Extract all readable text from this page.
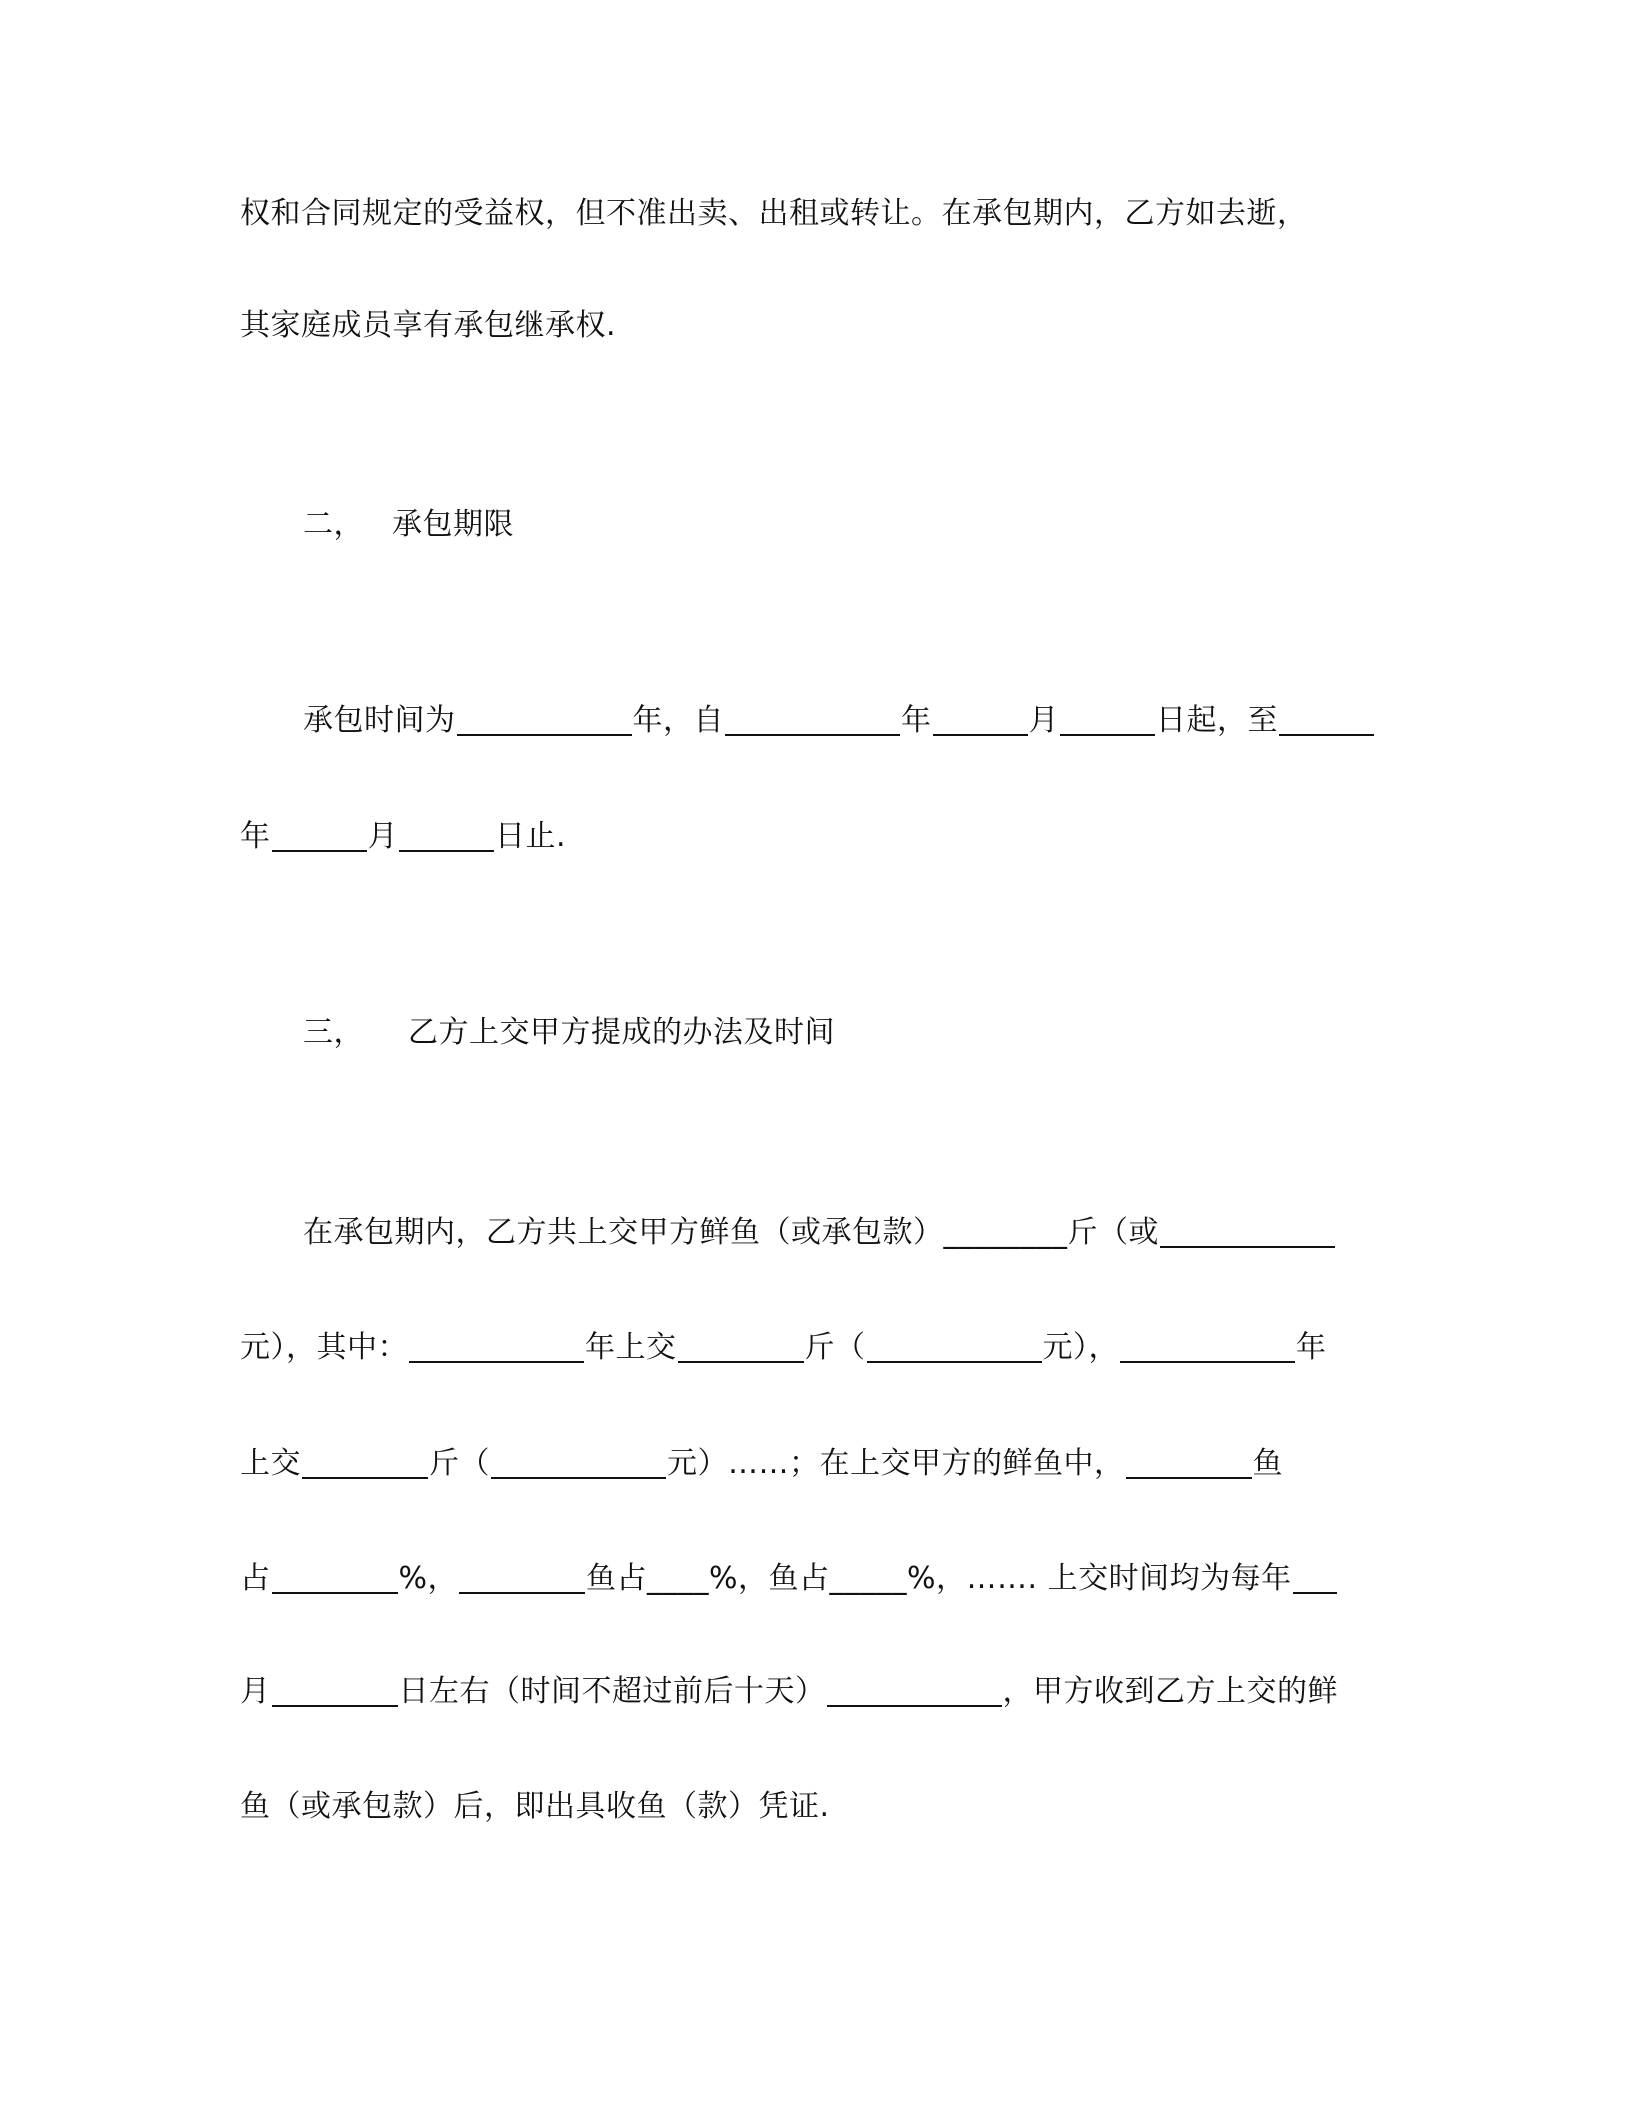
权和合同规定的受益权，但不准出卖、出租或转让。在承包期内，乙方如去逝，
其家庭成员享有承包继承权.
二， 承包期限
承包时间为	年，自	年	月	日起，至
年	月	日止.
三， 乙方上交甲方提成的办法及时间
在承包期内，乙方共上交甲方鲜鱼（或承包款）________斤（或
元），其中：	年上交	斤（	元），	年
上交	斤（	元）……；在上交甲方的鲜鱼中，	鱼
占	%，	鱼占____%，鱼占_____%，……. 上交时间均为每年
月	日左右（时间不超过前后十天）	，甲方收到乙方上交的鲜
鱼（或承包款）后，即出具收鱼（款）凭证.
